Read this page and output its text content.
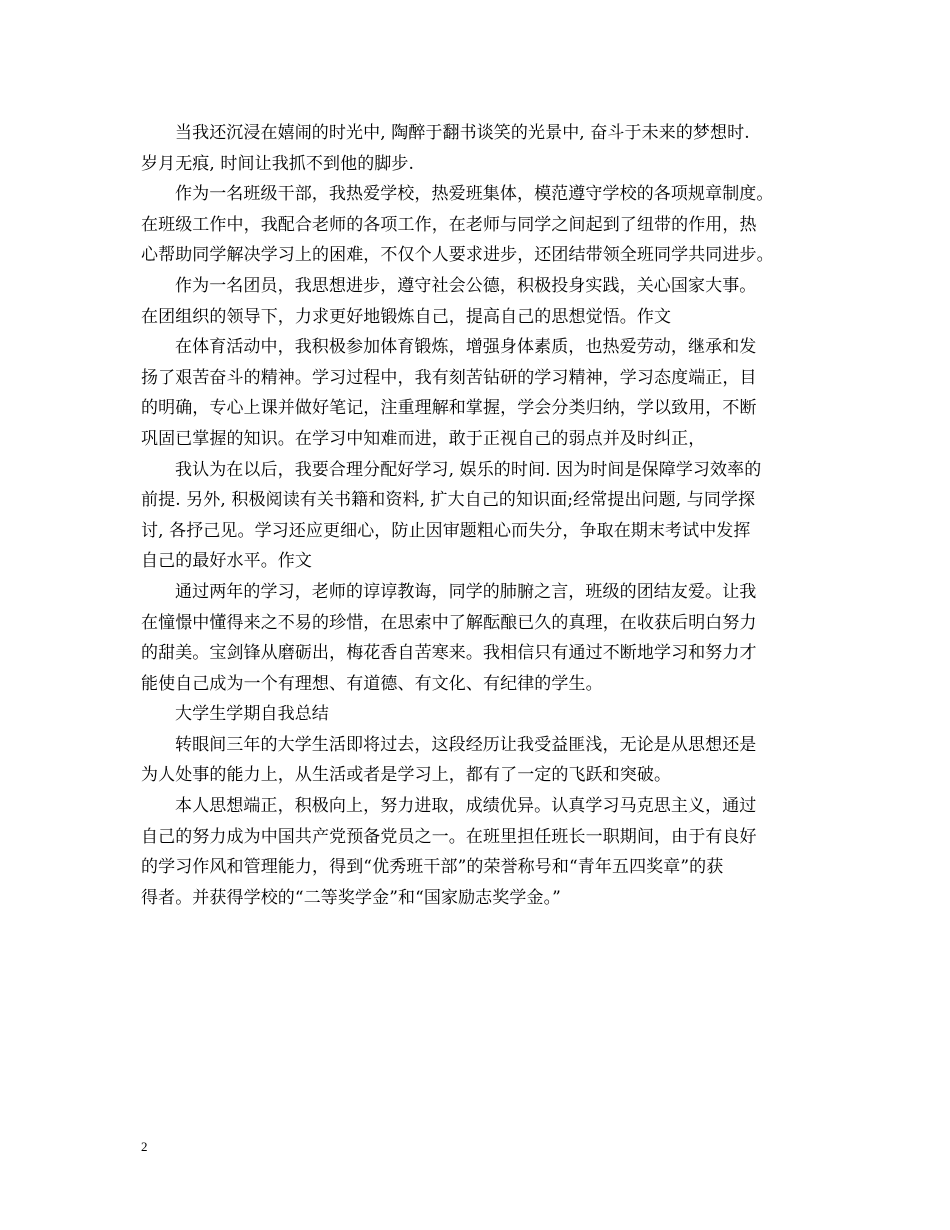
当我还沉浸在嬉闹的时光中, 陶醉于翻书谈笑的光景中, 奋斗于未来的梦想时.
岁月无痕, 时间让我抓不到他的脚步.

作为一名班级干部，我热爱学校，热爱班集体，模范遵守学校的各项规章制度。
在班级工作中，我配合老师的各项工作，在老师与同学之间起到了纽带的作用，热
心帮助同学解决学习上的困难，不仅个人要求进步，还团结带领全班同学共同进步。

作为一名团员，我思想进步，遵守社会公德，积极投身实践，关心国家大事。
在团组织的领导下，力求更好地锻炼自己，提高自己的思想觉悟。作文

在体育活动中，我积极参加体育锻炼，增强身体素质，也热爱劳动，继承和发
扬了艰苦奋斗的精神。学习过程中，我有刻苦钻研的学习精神，学习态度端正，目
的明确，专心上课并做好笔记，注重理解和掌握，学会分类归纳，学以致用，不断
巩固已掌握的知识。在学习中知难而进，敢于正视自己的弱点并及时纠正，

我认为在以后，我要合理分配好学习, 娱乐的时间. 因为时间是保障学习效率的
前提. 另外, 积极阅读有关书籍和资料, 扩大自己的知识面;经常提出问题, 与同学探
讨, 各抒己见。学习还应更细心，防止因审题粗心而失分，争取在期末考试中发挥
自己的最好水平。作文

通过两年的学习，老师的谆谆教诲，同学的肺腑之言，班级的团结友爱。让我
在憧憬中懂得来之不易的珍惜，在思索中了解酝酿已久的真理，在收获后明白努力
的甜美。宝剑锋从磨砺出，梅花香自苦寒来。我相信只有通过不断地学习和努力才
能使自己成为一个有理想、有道德、有文化、有纪律的学生。

大学生学期自我总结

转眼间三年的大学生活即将过去，这段经历让我受益匪浅，无论是从思想还是
为人处事的能力上，从生活或者是学习上，都有了一定的飞跃和突破。

本人思想端正，积极向上，努力进取，成绩优异。认真学习马克思主义，通过
自己的努力成为中国共产党预备党员之一。在班里担任班长一职期间，由于有良好
的学习作风和管理能力，得到“优秀班干部”的荣誉称号和“青年五四奖章”的获
得者。并获得学校的“二等奖学金”和“国家励志奖学金。”

2
